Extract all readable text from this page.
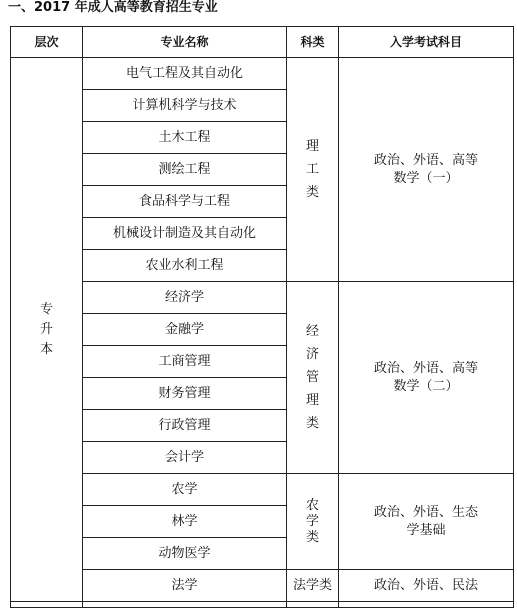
一、2017 年成人高等教育招生专业
层次	专业名称	科类	入学考试科目
专升本	电气工程及其自动化	理工类	政治、外语、高等数学（一）
	计算机科学与技术		
	土木工程		
	测绘工程		
	食品科学与工程		
	机械设计制造及其自动化		
	农业水利工程		
	经济学	经济管理类	政治、外语、高等数学（二）
	金融学		
	工商管理		
	财务管理		
	行政管理		
	会计学		
	农学	农学类	政治、外语、生态学基础
	林学		
	动物医学		
	法学	法学类	政治、外语、民法
